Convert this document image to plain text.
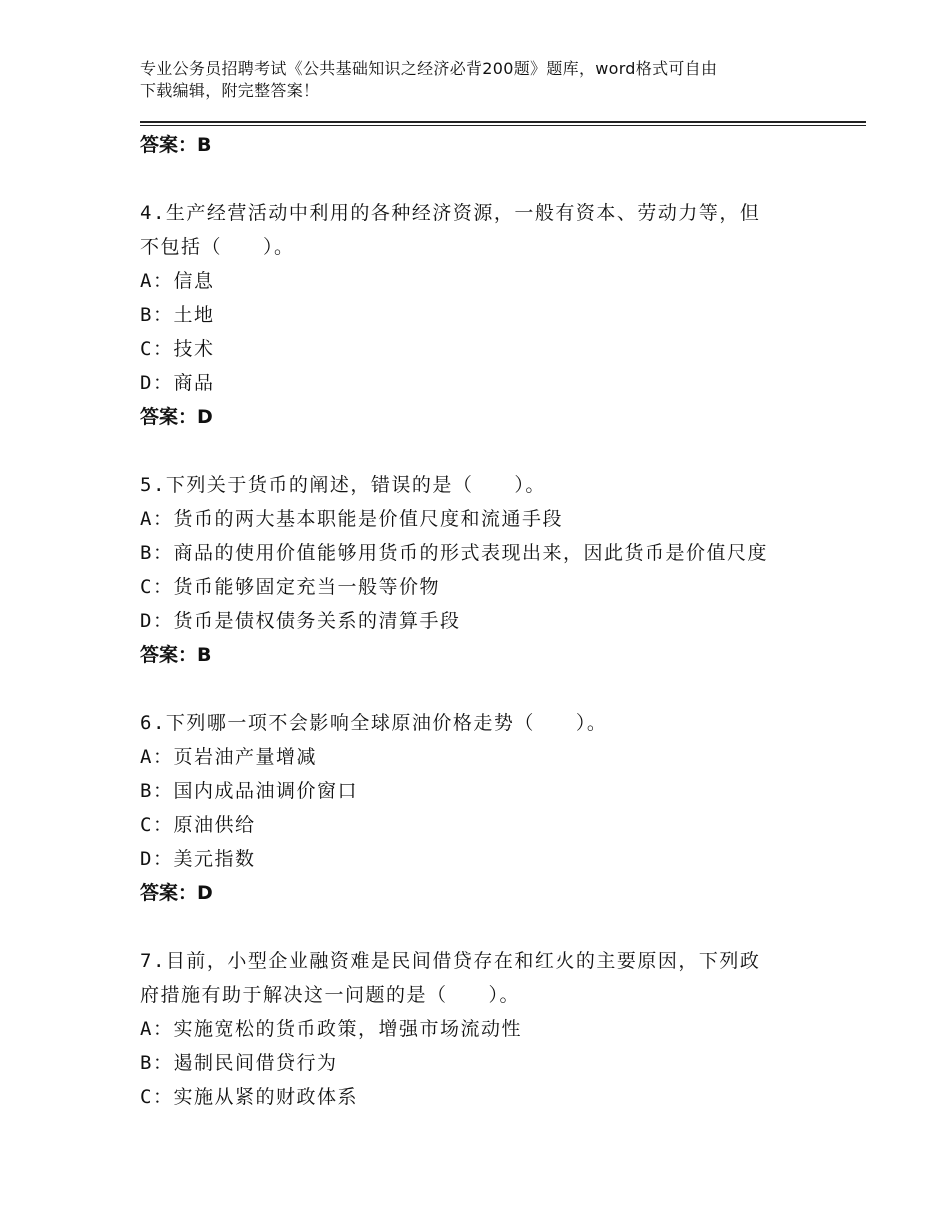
专业公务员招聘考试《公共基础知识之经济必背200题》题库，word格式可自由
下载编辑，附完整答案！
答案：B
4.生产经营活动中利用的各种经济资源，一般有资本、劳动力等，但
不包括（　　）。
A：信息
B：土地
C：技术
D：商品
答案：D
5.下列关于货币的阐述，错误的是（　　）。
A：货币的两大基本职能是价值尺度和流通手段
B：商品的使用价值能够用货币的形式表现出来，因此货币是价值尺度
C：货币能够固定充当一般等价物
D：货币是债权债务关系的清算手段
答案：B
6.下列哪一项不会影响全球原油价格走势（　　）。
A：页岩油产量增减
B：国内成品油调价窗口
C：原油供给
D：美元指数
答案：D
7.目前，小型企业融资难是民间借贷存在和红火的主要原因，下列政
府措施有助于解决这一问题的是（　　）。
A：实施宽松的货币政策，增强市场流动性
B：遏制民间借贷行为
C：实施从紧的财政体系
